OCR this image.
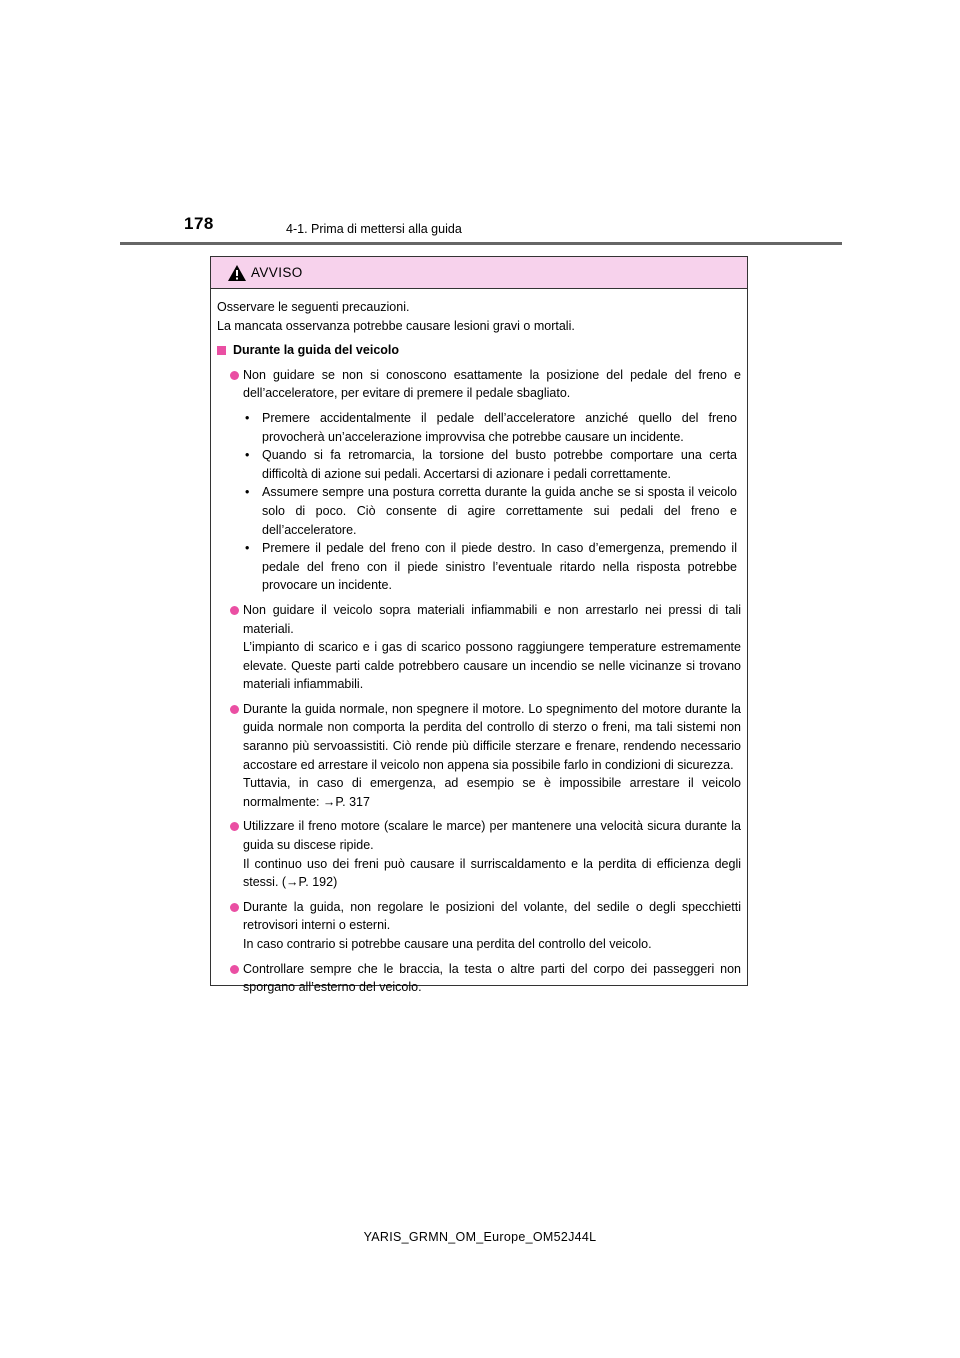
178	4-1. Prima di mettersi alla guida
AVVISO

Osservare le seguenti precauzioni.

La mancata osservanza potrebbe causare lesioni gravi o mortali.

Durante la guida del veicolo

Non guidare se non si conoscono esattamente la posizione del pedale del freno e dell’acceleratore, per evitare di premere il pedale sbagliato.

• Premere accidentalmente il pedale dell’acceleratore anziché quello del freno provocherà un’accelerazione improvvisa che potrebbe causare un incidente.
• Quando si fa retromarcia, la torsione del busto potrebbe comportare una certa difficoltà di azione sui pedali. Accertarsi di azionare i pedali correttamente.
• Assumere sempre una postura corretta durante la guida anche se si sposta il veicolo solo di poco. Ciò consente di agire correttamente sui pedali del freno e dell’acceleratore.
• Premere il pedale del freno con il piede destro. In caso d’emergenza, premendo il pedale del freno con il piede sinistro l’eventuale ritardo nella risposta potrebbe provocare un incidente.

Non guidare il veicolo sopra materiali infiammabili e non arrestarlo nei pressi di tali materiali.

L’impianto di scarico e i gas di scarico possono raggiungere temperature estremamente elevate. Queste parti calde potrebbero causare un incendio se nelle vicinanze si trovano materiali infiammabili.

Durante la guida normale, non spegnere il motore. Lo spegnimento del motore durante la guida normale non comporta la perdita del controllo di sterzo o freni, ma tali sistemi non saranno più servoassistiti. Ciò rende più difficile sterzare e frenare, rendendo necessario accostare ed arrestare il veicolo non appena sia possibile farlo in condizioni di sicurezza.

Tuttavia, in caso di emergenza, ad esempio se è impossibile arrestare il veicolo normalmente: →P. 317

Utilizzare il freno motore (scalare le marce) per mantenere una velocità sicura durante la guida su discese ripide.

Il continuo uso dei freni può causare il surriscaldamento e la perdita di efficienza degli stessi. (→P. 192)

Durante la guida, non regolare le posizioni del volante, del sedile o degli specchietti retrovisori interni o esterni.

In caso contrario si potrebbe causare una perdita del controllo del veicolo.

Controllare sempre che le braccia, la testa o altre parti del corpo dei passeggeri non sporgano all’esterno del veicolo.

YARIS_GRMN_OM_Europe_OM52J44L
